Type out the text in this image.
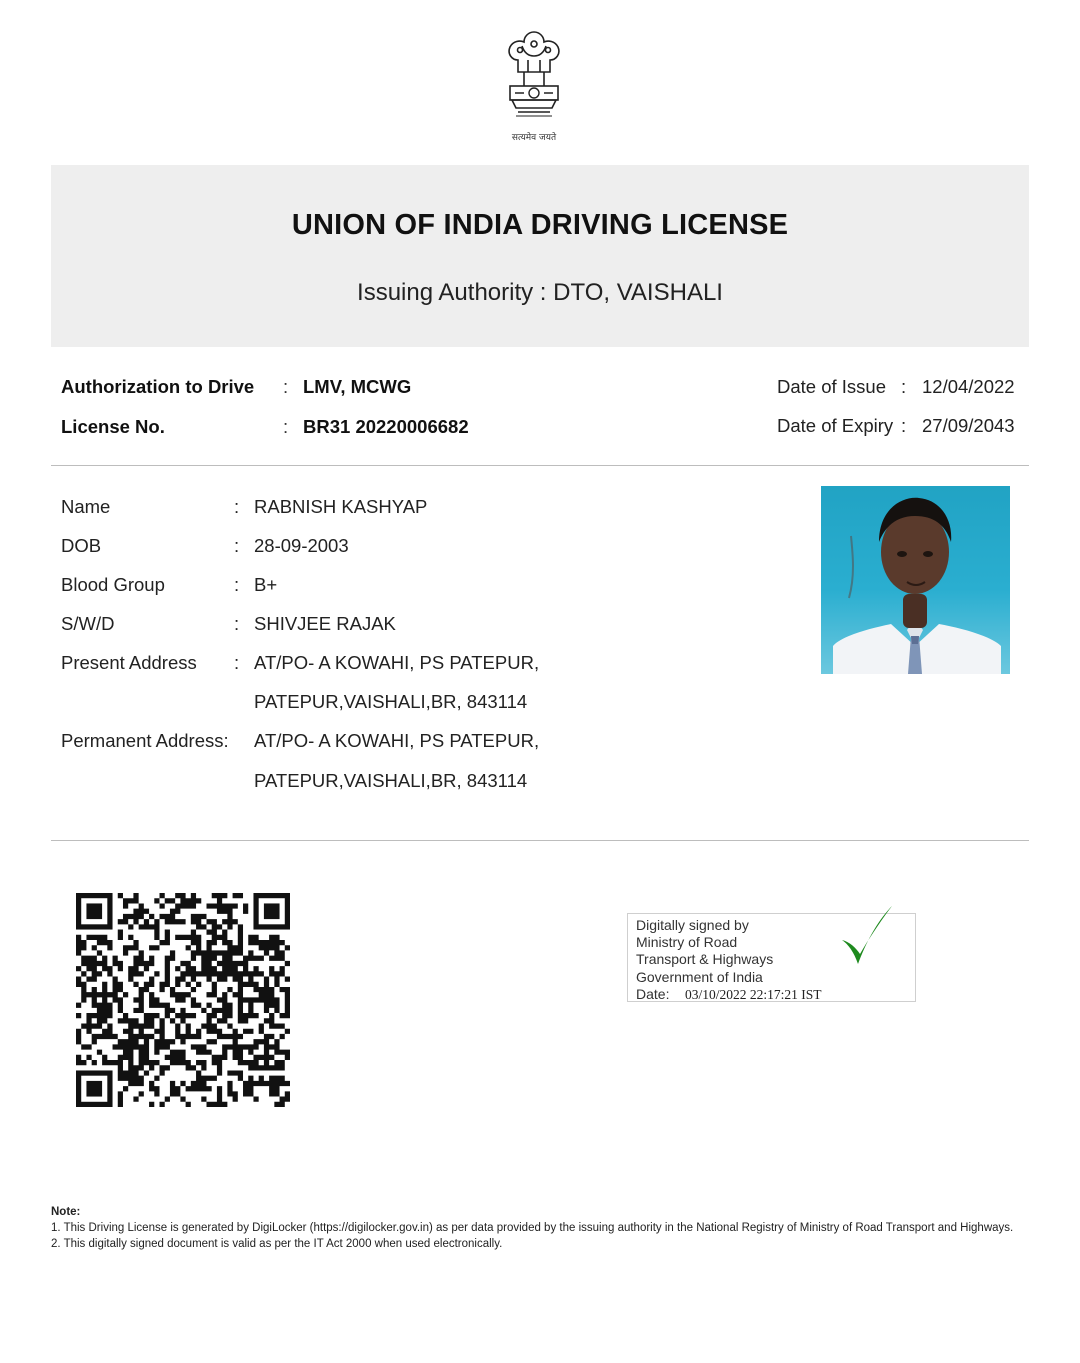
सत्यमेव जयते
UNION OF INDIA DRIVING LICENSE
Issuing Authority : DTO, VAISHALI
Authorization to Drive : LMV, MCWG
License No.	: BR31 20220006682
Date of Issue : 12/04/2022
Date of Expiry : 27/09/2043
Name	: RABNISH KASHYAP
DOB	: 28-09-2003
Blood Group	: B+
S/W/D	: SHIVJEE RAJAK
Present Address : AT/PO- A KOWAHI, PS PATEPUR,
PATEPUR,VAISHALI,BR, 843114
Permanent Address: AT/PO- A KOWAHI, PS PATEPUR,
PATEPUR,VAISHALI,BR, 843114
Digitally signed by
Ministry of Road
Transport & Highways
Government of India
Date: 03/10/2022 22:17:21 IST
Note:
1. This Driving License is generated by DigiLocker (https://digilocker.gov.in) as per data provided by the issuing authority in the National Registry of Ministry of Road Transport and Highways.
2. This digitally signed document is valid as per the IT Act 2000 when used electronically.
